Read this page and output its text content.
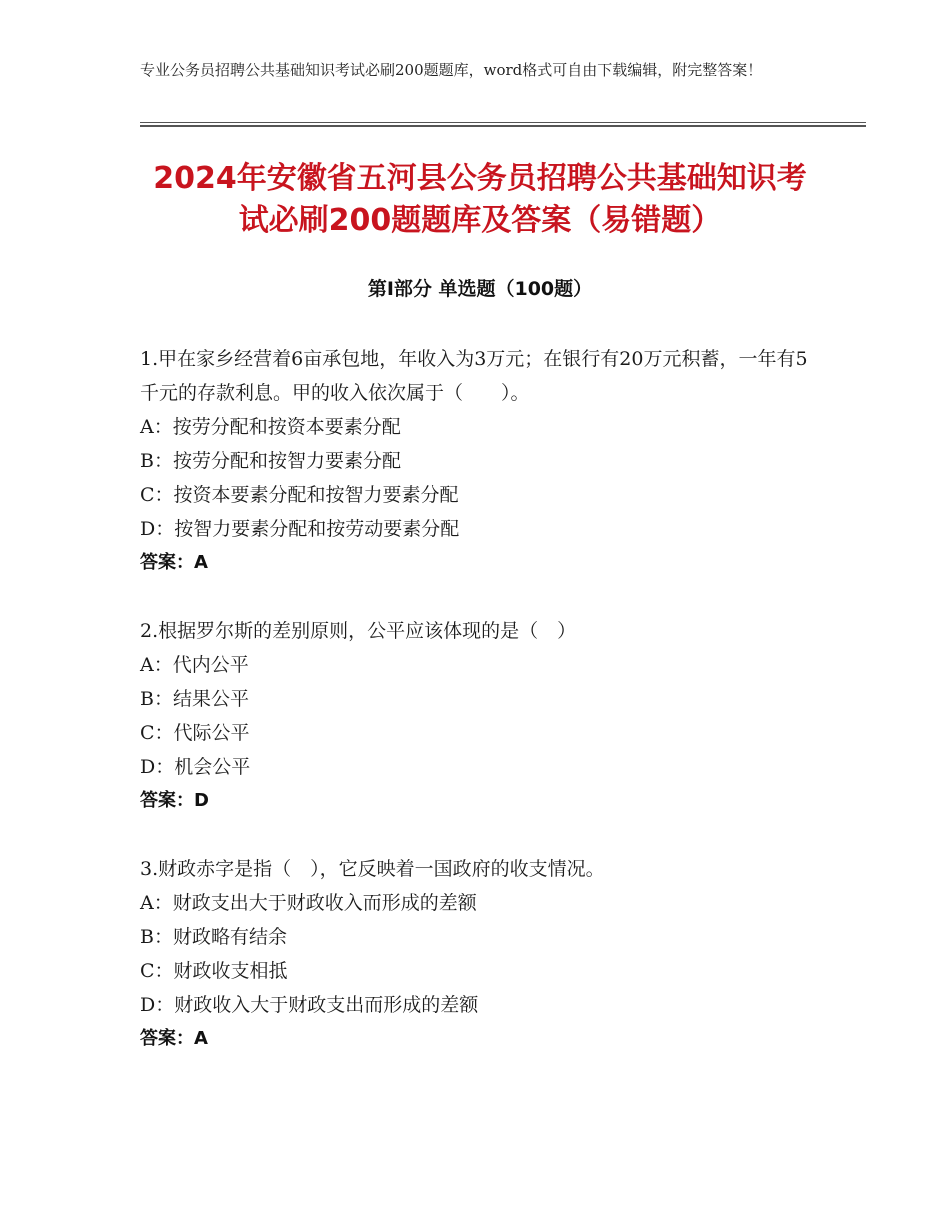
专业公务员招聘公共基础知识考试必刷200题题库，word格式可自由下载编辑，附完整答案！
2024年安徽省五河县公务员招聘公共基础知识考试必刷200题题库及答案（易错题）
第Ⅰ部分 单选题（100题）
1.甲在家乡经营着6亩承包地，年收入为3万元；在银行有20万元积蓄，一年有5千元的存款利息。甲的收入依次属于（　　）。
A：按劳分配和按资本要素分配
B：按劳分配和按智力要素分配
C：按资本要素分配和按智力要素分配
D：按智力要素分配和按劳动要素分配
答案：A
2.根据罗尔斯的差别原则，公平应该体现的是（　）
A：代内公平
B：结果公平
C：代际公平
D：机会公平
答案：D
3.财政赤字是指（　），它反映着一国政府的收支情况。
A：财政支出大于财政收入而形成的差额
B：财政略有结余
C：财政收支相抵
D：财政收入大于财政支出而形成的差额
答案：A
